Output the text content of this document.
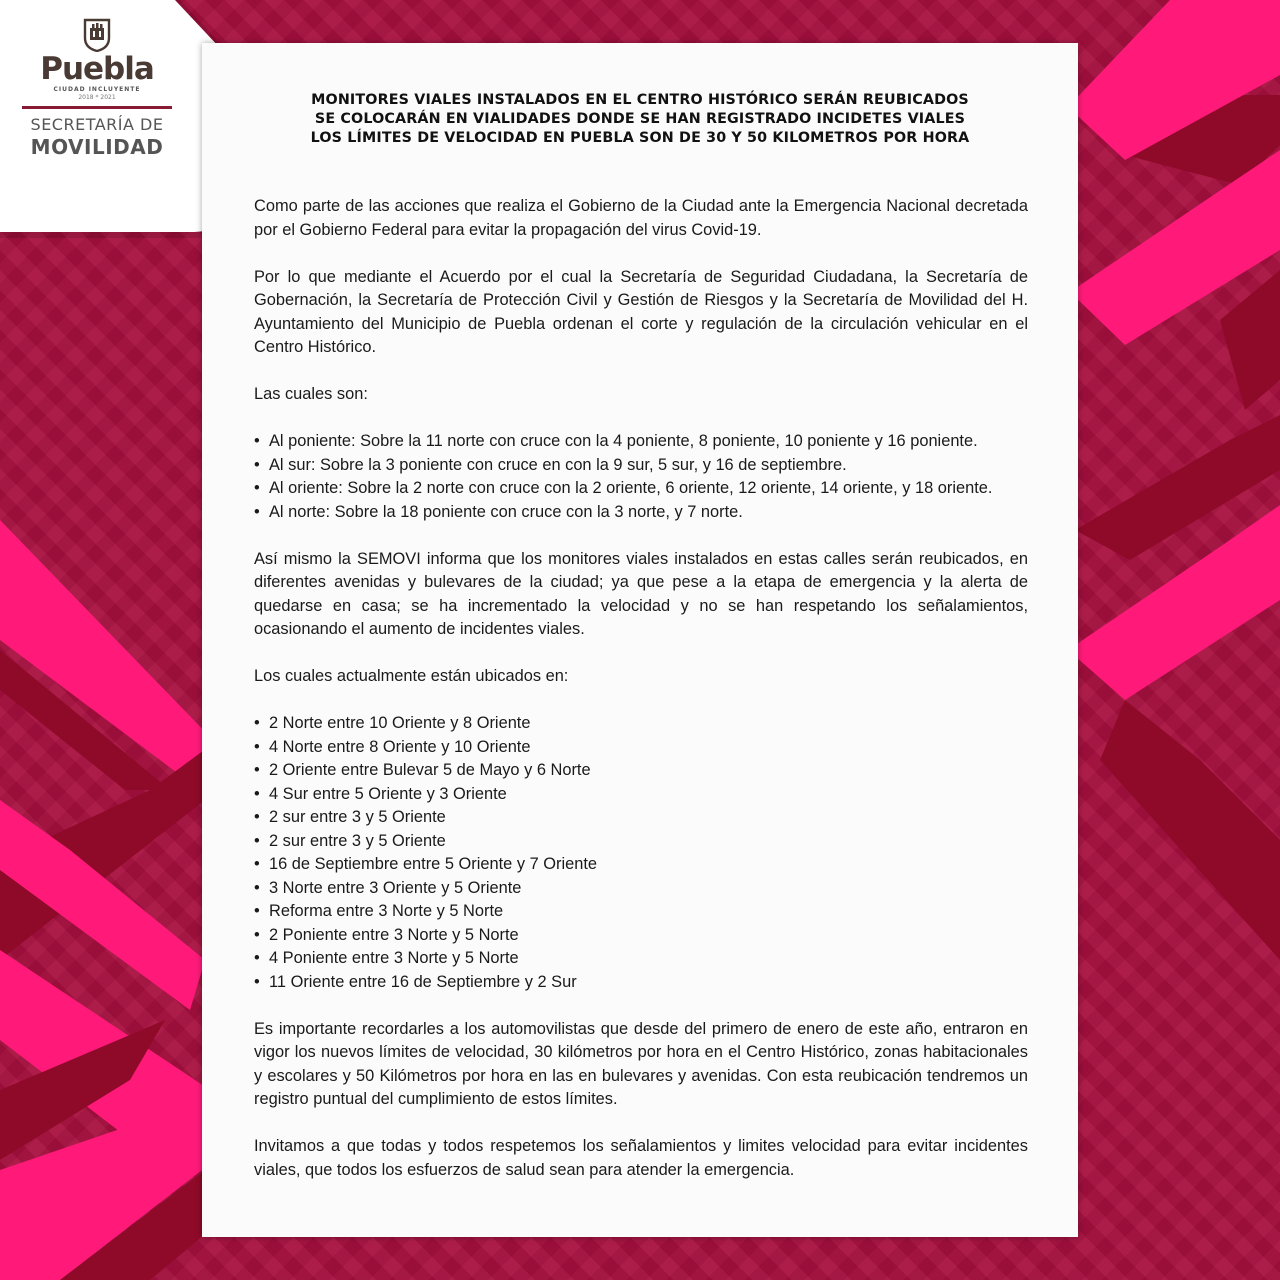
Puebla
CIUDAD INCLUYENTE
2018 * 2021
SECRETARÍA DE
MOVILIDAD
MONITORES VIALES INSTALADOS EN EL CENTRO HISTÓRICO SERÁN REUBICADOS
SE COLOCARÁN EN VIALIDADES DONDE SE HAN REGISTRADO INCIDETES VIALES
LOS LÍMITES DE VELOCIDAD EN PUEBLA SON DE 30 Y 50 KILOMETROS POR HORA

Como parte de las acciones que realiza el Gobierno de la Ciudad ante la Emergencia Nacional decretada por el Gobierno Federal para evitar la propagación del virus Covid-19.

Por lo que mediante el Acuerdo por el cual la Secretaría de Seguridad Ciudadana, la Secretaría de Gobernación, la Secretaría de Protección Civil y Gestión de Riesgos y la Secretaría de Movilidad del H. Ayuntamiento del Municipio de Puebla ordenan el corte y regulación de la circulación vehicular en el Centro Histórico.

Las cuales son:

• Al poniente: Sobre la 11 norte con cruce con la 4 poniente, 8 poniente, 10 poniente y 16 poniente.
• Al sur: Sobre la 3 poniente con cruce en con la 9 sur, 5 sur, y 16 de septiembre.
• Al oriente: Sobre la 2 norte con cruce con la 2 oriente, 6 oriente, 12 oriente, 14 oriente, y 18 oriente.
• Al norte: Sobre la 18 poniente con cruce con la 3 norte, y 7 norte.

Así mismo la SEMOVI informa que los monitores viales instalados en estas calles serán reubicados, en diferentes avenidas y bulevares de la ciudad; ya que pese a la etapa de emergencia y la alerta de quedarse en casa; se ha incrementado la velocidad y no se han respetando los señalamientos, ocasionando el aumento de incidentes viales.

Los cuales actualmente están ubicados en:

• 2 Norte entre 10 Oriente y 8 Oriente
• 4 Norte entre 8 Oriente y 10 Oriente
• 2 Oriente entre Bulevar 5 de Mayo y 6 Norte
• 4 Sur entre 5 Oriente y 3 Oriente
• 2 sur entre 3 y 5 Oriente
• 2 sur entre 3 y 5 Oriente
• 16 de Septiembre entre 5 Oriente y 7 Oriente
• 3 Norte entre 3 Oriente y 5 Oriente
• Reforma entre 3 Norte y 5 Norte
• 2 Poniente entre 3 Norte y 5 Norte
• 4 Poniente entre 3 Norte y 5 Norte
• 11 Oriente entre 16 de Septiembre y 2 Sur

Es importante recordarles a los automovilistas que desde del primero de enero de este año, entraron en vigor los nuevos límites de velocidad, 30 kilómetros por hora en el Centro Histórico, zonas habitacionales y escolares y 50 Kilómetros por hora en las en bulevares y avenidas. Con esta reubicación tendremos un registro puntual del cumplimiento de estos límites.

Invitamos a que todas y todos respetemos los señalamientos y limites velocidad para evitar incidentes viales, que todos los esfuerzos de salud sean para atender la emergencia.
